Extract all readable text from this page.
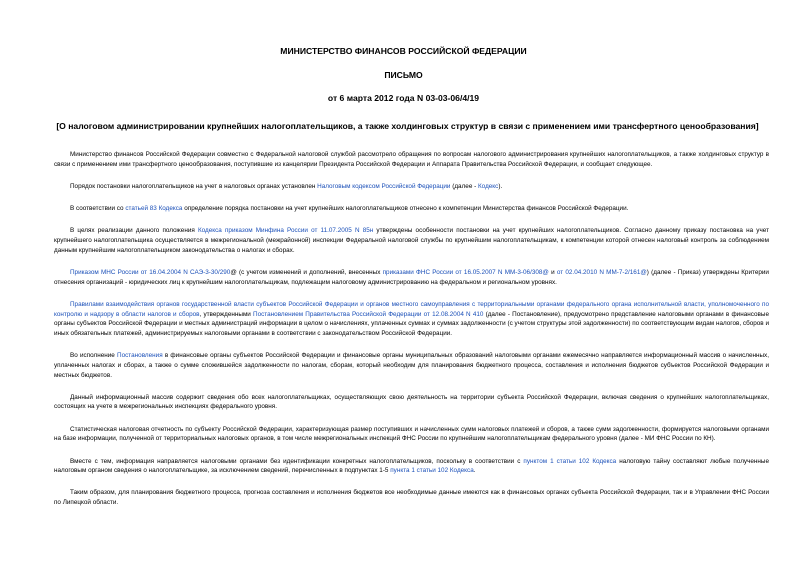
МИНИСТЕРСТВО ФИНАНСОВ РОССИЙСКОЙ ФЕДЕРАЦИИ
ПИСЬМО
от 6 марта 2012 года N 03-03-06/4/19
[О налоговом администрировании крупнейших налогоплательщиков, а также холдинговых структур в связи с применением ими трансфертного ценообразования]

Министерство финансов Российской Федерации совместно с Федеральной налоговой службой рассмотрело обращения по вопросам налогового администрирования крупнейших налогоплательщиков, а также холдинговых структур в связи с применением ими трансфертного ценообразования, поступившие из канцелярии Президента Российской Федерации и Аппарата Правительства Российской Федерации, и сообщает следующее.

Порядок постановки налогоплательщиков на учет в налоговых органах установлен Налоговым кодексом Российской Федерации (далее - Кодекс).

В соответствии со статьей 83 Кодекса определение порядка постановки на учет крупнейших налогоплательщиков отнесено к компетенции Министерства финансов Российской Федерации.

В целях реализации данного положения Кодекса приказом Минфина России от 11.07.2005 N 85н утверждены особенности постановки на учет крупнейших налогоплательщиков. Согласно данному приказу постановка на учет крупнейшего налогоплательщика осуществляется в межрегиональной (межрайонной) инспекции Федеральной налоговой службы по крупнейшим налогоплательщикам, к компетенции которой отнесен налоговый контроль за соблюдением данным крупнейшим налогоплательщиком законодательства о налогах и сборах.

Приказом МНС России от 16.04.2004 N САЭ-3-30/290@ (с учетом изменений и дополнений, внесенных приказами ФНС России от 16.05.2007 N ММ-3-06/308@ и от 02.04.2010 N ММ-7-2/161@) (далее - Приказ) утверждены Критерии отнесения организаций - юридических лиц к крупнейшим налогоплательщикам, подлежащим налоговому администрированию на федеральном и региональном уровнях.

Правилами взаимодействия органов государственной власти субъектов Российской Федерации и органов местного самоуправления с территориальными органами федерального органа исполнительной власти, уполномоченного по контролю и надзору в области налогов и сборов, утвержденными Постановлением Правительства Российской Федерации от 12.08.2004 N 410 (далее - Постановление), предусмотрено представление налоговыми органами в финансовые органы субъектов Российской Федерации и местных администраций информации в целом о начислениях, уплаченных суммах и суммах задолженности (с учетом структуры этой задолженности) по соответствующим видам налогов, сборов и иных обязательных платежей, администрируемых налоговыми органами в соответствии с законодательством Российской Федерации.

Во исполнение Постановления в финансовые органы субъектов Российской Федерации и финансовые органы муниципальных образований налоговыми органами ежемесячно направляется информационный массив о начисленных, уплаченных налогах и сборах, а также о сумме сложившейся задолженности по налогам, сборам, который необходим для планирования бюджетного процесса, составления и исполнения бюджетов субъектов Российской Федерации и местных бюджетов.

Данный информационный массив содержит сведения обо всех налогоплательщиках, осуществляющих свою деятельность на территории субъекта Российской Федерации, включая сведения о крупнейших налогоплательщиках, состоящих на учете в межрегиональных инспекциях федерального уровня.

Статистическая налоговая отчетность по субъекту Российской Федерации, характеризующая размер поступивших и начисленных сумм налоговых платежей и сборов, а также сумм задолженности, формируется налоговыми органами на базе информации, полученной от территориальных налоговых органов, в том числе межрегиональных инспекций ФНС России по крупнейшим налогоплательщикам федерального уровня (далее - МИ ФНС России по КН).

Вместе с тем, информация направляется налоговыми органами без идентификации конкретных налогоплательщиков, поскольку в соответствии с пунктом 1 статьи 102 Кодекса налоговую тайну составляют любые полученные налоговым органом сведения о налогоплательщике, за исключением сведений, перечисленных в подпунктах 1-5 пункта 1 статьи 102 Кодекса.

Таким образом, для планирования бюджетного процесса, прогноза составления и исполнения бюджетов все необходимые данные имеются как в финансовых органах субъекта Российской Федерации, так и в Управлении ФНС России по Липецкой области.
